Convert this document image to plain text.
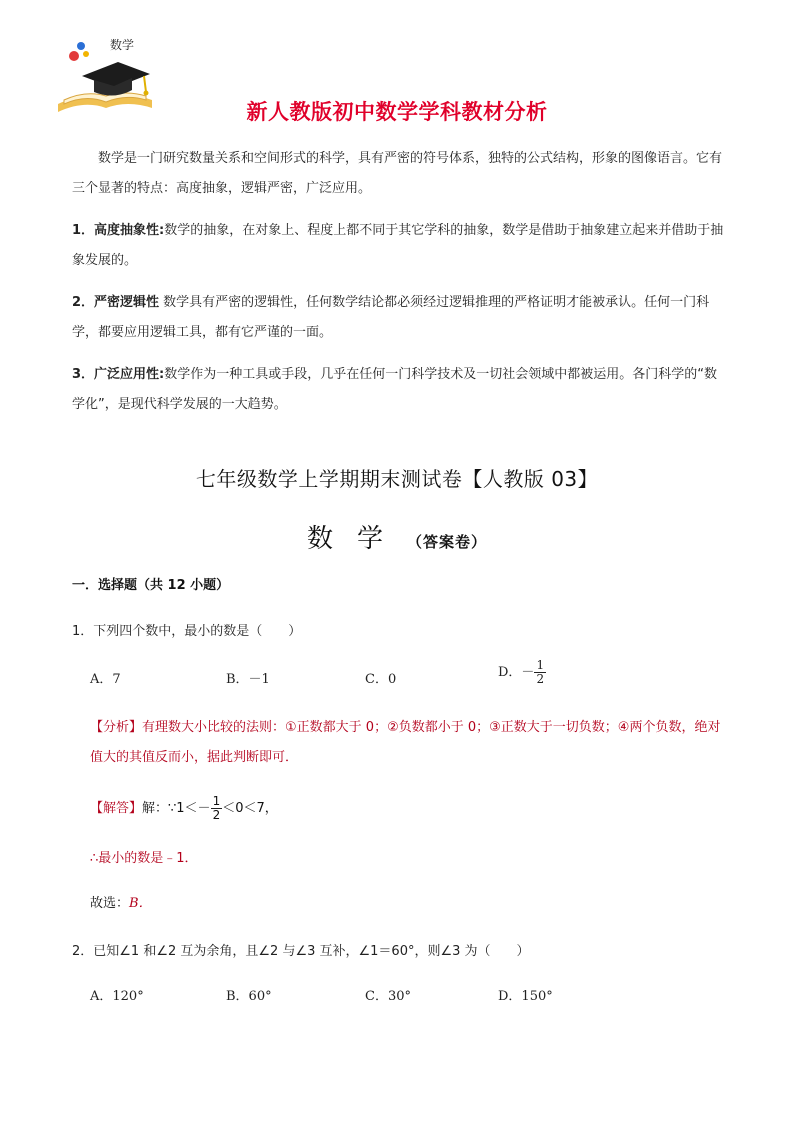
数学
新人教版初中数学学科教材分析
数学是一门研究数量关系和空间形式的科学，具有严密的符号体系，独特的公式结构，形象的图像语言。它有三个显著的特点：高度抽象，逻辑严密，广泛应用。
1．高度抽象性:数学的抽象，在对象上、程度上都不同于其它学科的抽象，数学是借助于抽象建立起来并借助于抽象发展的。
2．严密逻辑性 数学具有严密的逻辑性，任何数学结论都必须经过逻辑推理的严格证明才能被承认。任何一门科学，都要应用逻辑工具，都有它严谨的一面。
3．广泛应用性:数学作为一种工具或手段，几乎在任何一门科学技术及一切社会领域中都被运用。各门科学的“数学化”，是现代科学发展的一大趋势。
七年级数学上学期期末测试卷【人教版 03】
数学（答案卷）
一．选择题（共 12 小题）
1．下列四个数中，最小的数是（　　）
A．7	B．－1	C．0	D．－ $\frac{1}{2}$
【分析】有理数大小比较的法则：①正数都大于 0；②负数都小于 0；③正数大于一切负数；④两个负数，绝对值大的其值反而小，据此判断即可．
【解答】解：∵1＜－ $\frac{1}{2} <0<7$，
∴最小的数是﹣1．
故选：B．
2．已知∠1 和∠2 互为余角，且∠2 与∠3 互补，∠1＝60°，则∠3 为（　　）
A．120°	B．60°	C．30°	D．150°
